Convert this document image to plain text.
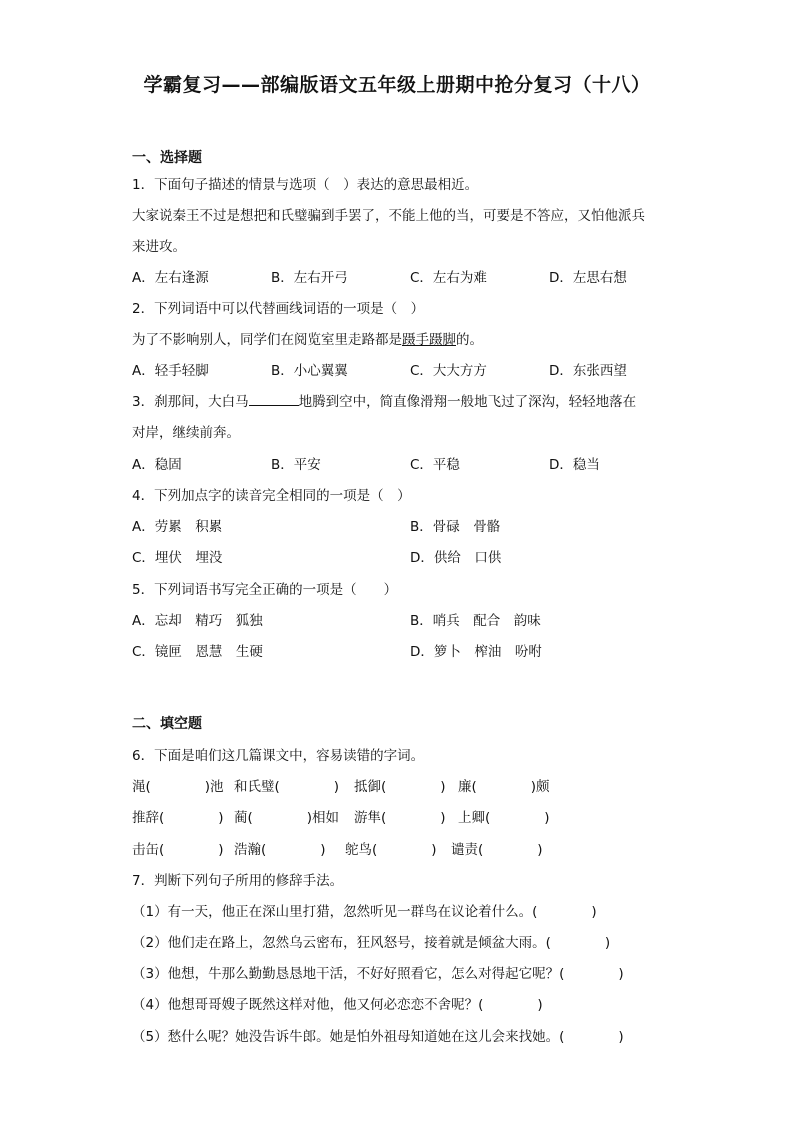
学霸复习——部编版语文五年级上册期中抢分复习（十八）
一、选择题
1．下面句子描述的情景与选项（　）表达的意思最相近。
大家说秦王不过是想把和氏璧骗到手罢了，不能上他的当，可要是不答应，又怕他派兵
来进攻。
A．左右逢源	B．左右开弓	C．左右为难	D．左思右想
2．下列词语中可以代替画线词语的一项是（　）
为了不影响别人，同学们在阅览室里走路都是蹑手蹑脚的。
A．轻手轻脚	B．小心翼翼	C．大大方方	D．东张西望
3．刹那间，大白马	地腾到空中，简直像滑翔一般地飞过了深沟，轻轻地落在
对岸，继续前奔。
A．稳固	B．平安	C．平稳	D．稳当
4．下列加点字的读音完全相同的一项是（　）
A．劳累　积累	B．骨碌　骨骼
C．埋伏　埋没	D．供给　口供
5．下列词语书写完全正确的一项是（　　）
A．忘却　精巧　狐独	B．哨兵　配合　韵味
C．镜匣　恩慧　生硬	D．箩卜　榨油　吩咐
二、填空题
6．下面是咱们这几篇课文中，容易读错的字词。
渑(　　　　)池 和氏璧(　　　　) 抵御(　　　　) 廉(　　　　)颇
推辞(　　　　) 蔺(　　　　)相如 游隼(　　　　) 上卿(　　　　)
击缶(　　　　) 浩瀚(　　　　) 鸵鸟(　　　　) 谴责(　　　　)
7．判断下列句子所用的修辞手法。
（1）有一天，他正在深山里打猎，忽然听见一群鸟在议论着什么。(　　　　)
（2）他们走在路上，忽然乌云密布，狂风怒号，接着就是倾盆大雨。(　　　　)
（3）他想，牛那么勤勤恳恳地干活，不好好照看它，怎么对得起它呢？(　　　　)
（4）他想哥哥嫂子既然这样对他，他又何必恋恋不舍呢？(　　　　)
（5）愁什么呢？她没告诉牛郎。她是怕外祖母知道她在这儿会来找她。(　　　　)
